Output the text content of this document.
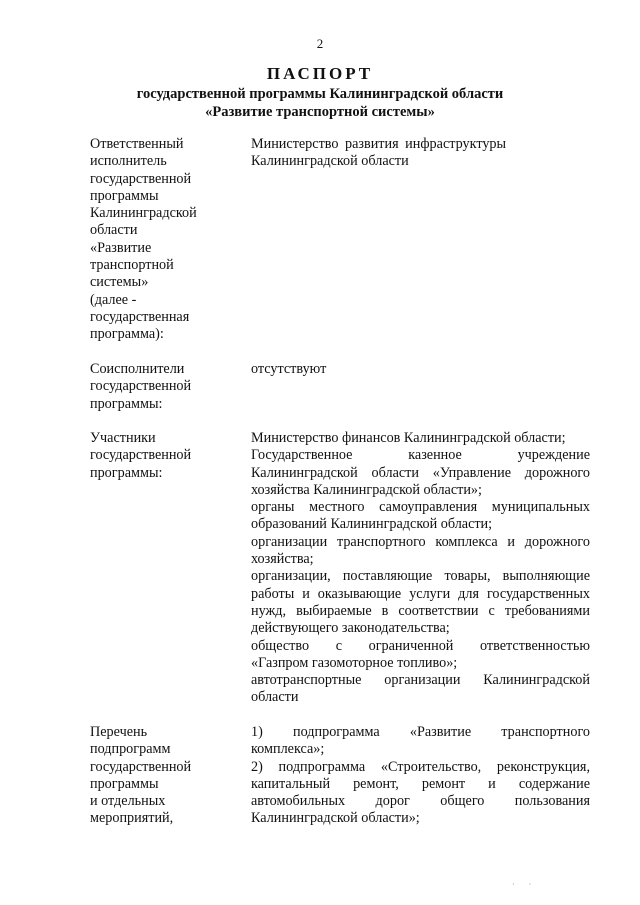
2
ПАСПОРТ
государственной программы Калининградской области
«Развитие транспортной системы»
Ответственный
исполнитель
государственной
программы
Калининградской
области
«Развитие
транспортной
системы»
(далее -
государственная
программа):
Министерство развития инфраструктуры
Калининградской области
Соисполнители
государственной
программы:
отсутствуют
Участники
государственной
программы:
Министерство финансов Калининградской области;
Государственное казенное учреждение
Калининградской области «Управление дорожного
хозяйства Калининградской области»;
органы местного самоуправления муниципальных
образований Калининградской области;
организации транспортного комплекса и дорожного
хозяйства;
организации, поставляющие товары, выполняющие
работы и оказывающие услуги для государственных
нужд, выбираемые в соответствии с требованиями
действующего законодательства;
общество с ограниченной ответственностью
«Газпром газомоторное топливо»;
автотранспортные организации Калининградской
области
Перечень
подпрограмм
государственной
программы
и отдельных
мероприятий,
1) подпрограмма «Развитие транспортного
комплекса»;
2) подпрограмма «Строительство, реконструкция,
капитальный ремонт, ремонт и содержание
автомобильных дорог общего пользования
Калининградской области»;
· ·
